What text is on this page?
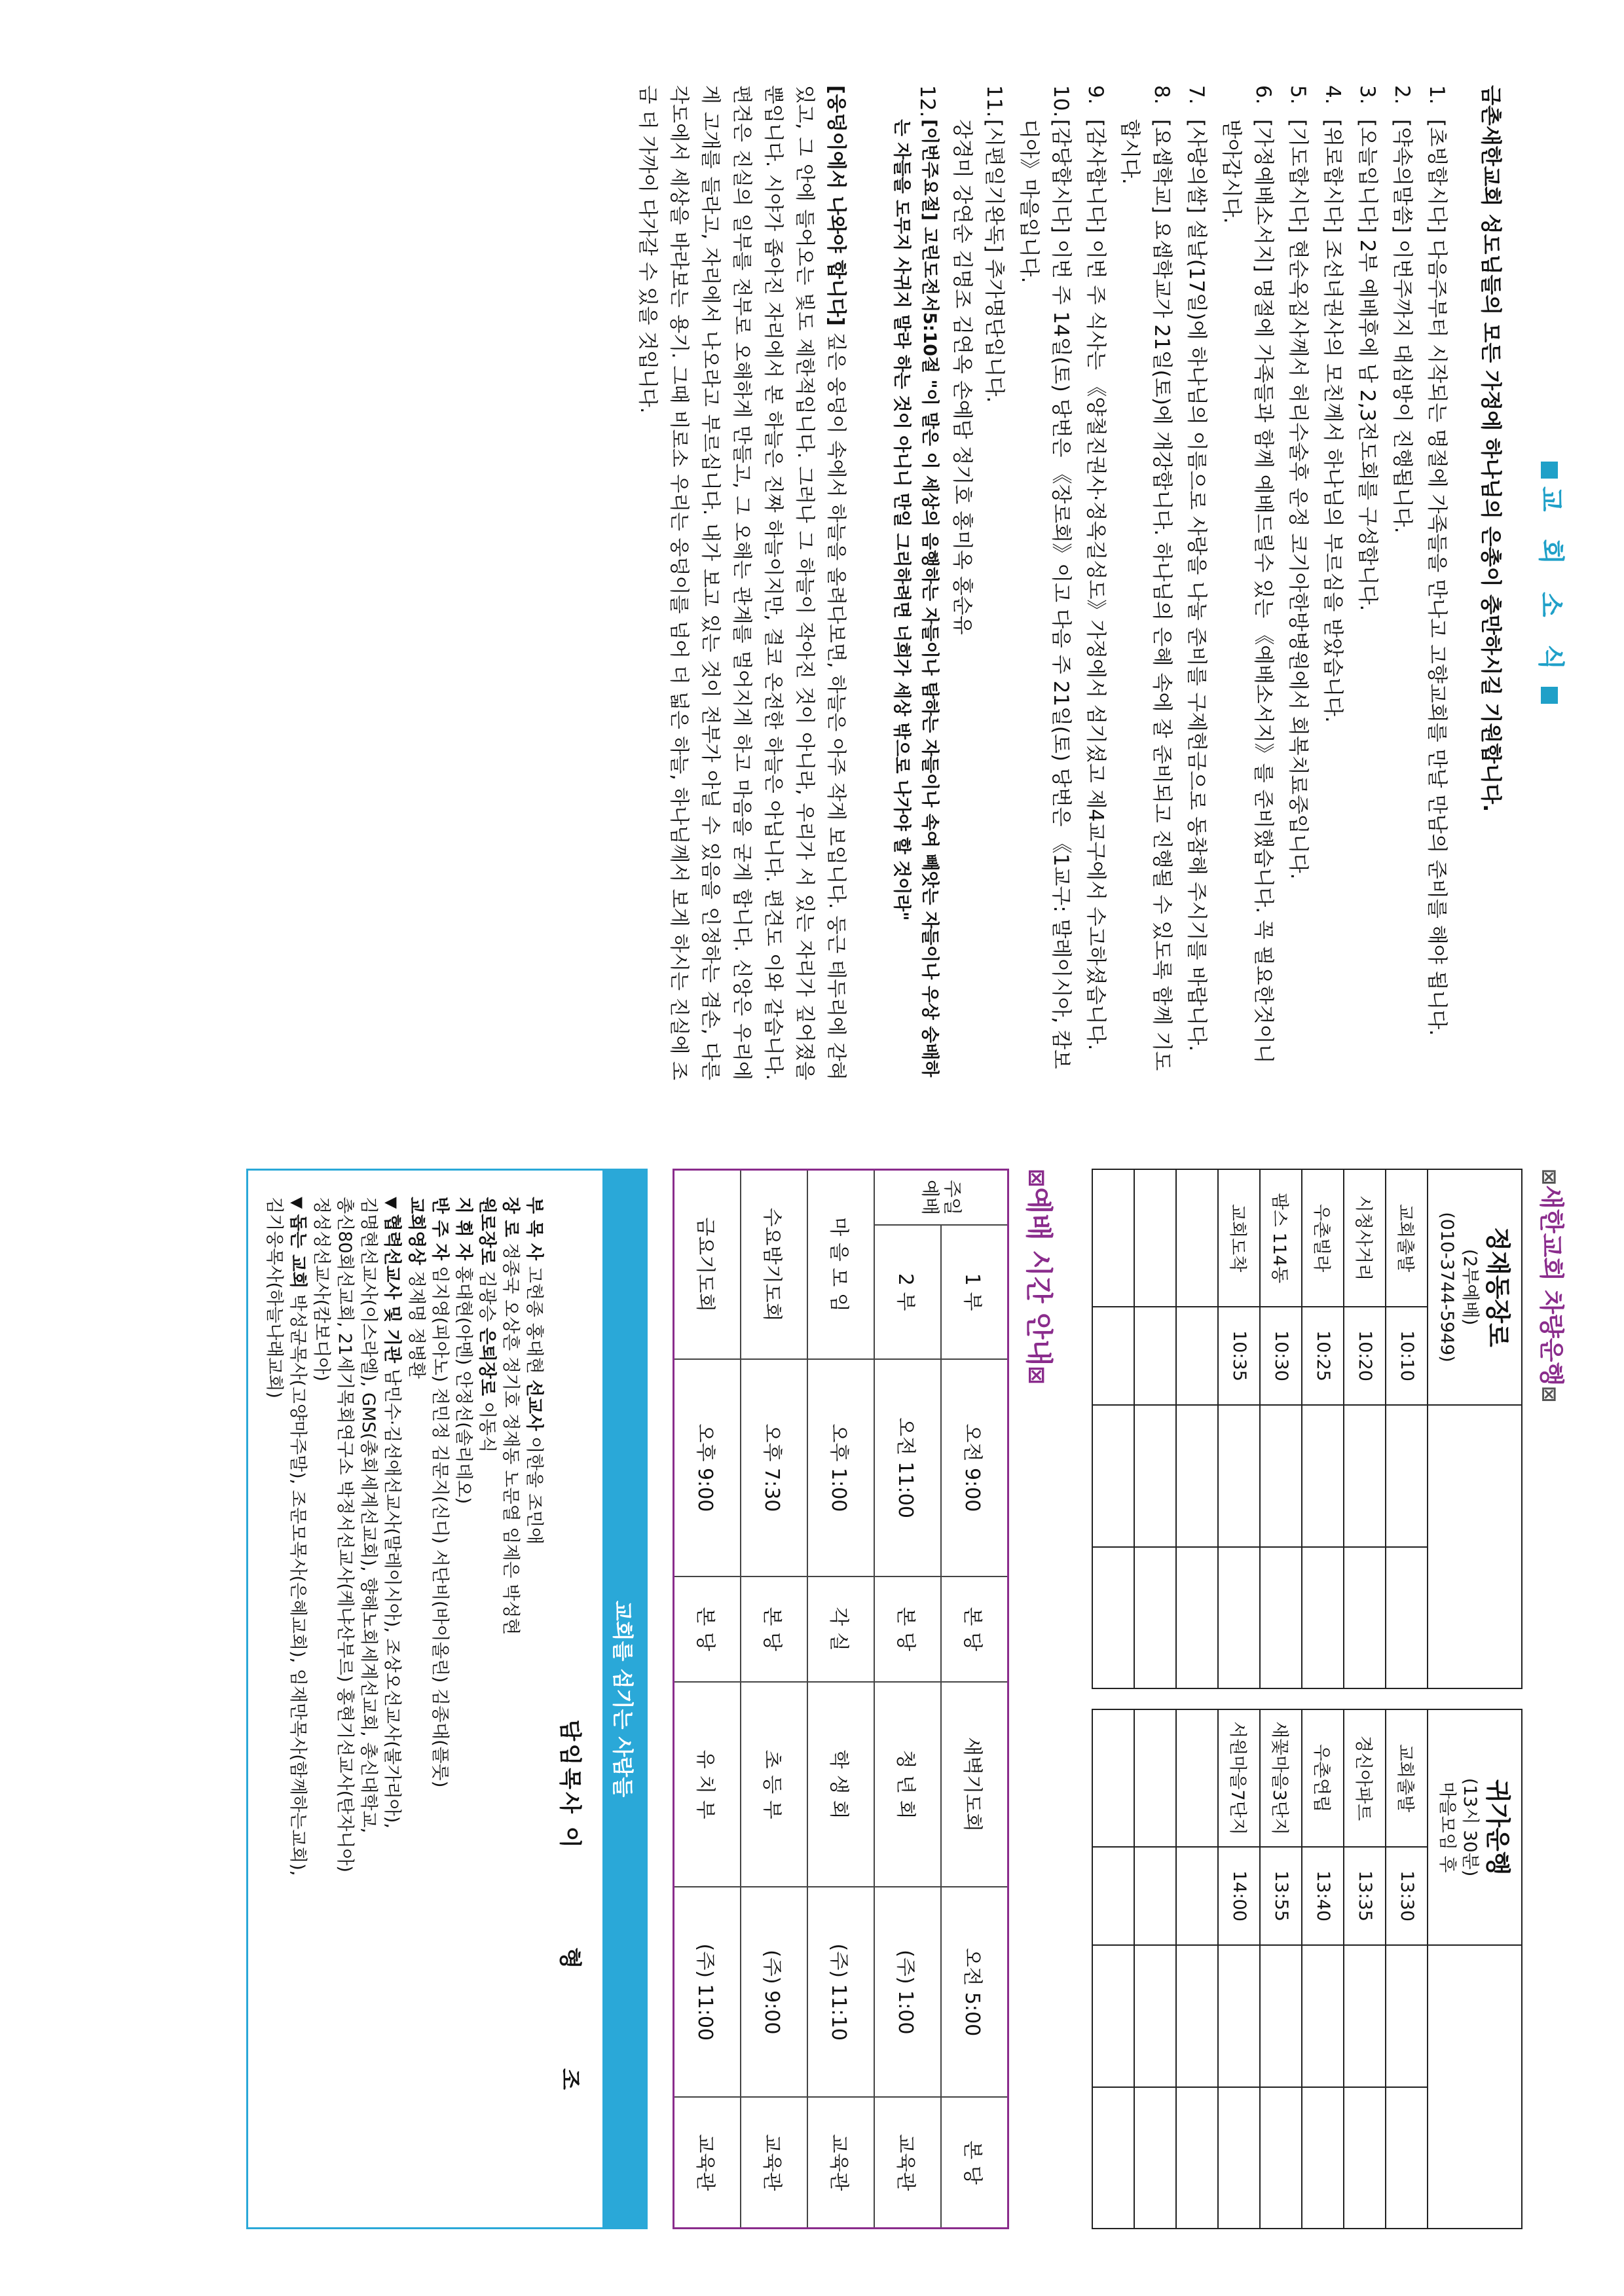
교 회 소 식
금촌새한교회 성도님들의 모든 가정에 하나님의 은총이 충만하시길 기원합니다.
1.
[초빙합시다] 다음주부터 시작되는 명절에 가족들을 만나고 고향교회를 만날 만남의 준비를 해야 됩니다.
2.
[약속의말씀] 이번주까지 대심방이 진행됩니다.
3.
[오늘입니다] 2부 예배후에 남 2,3전도회를 구성합니다.
4.
[위로합시다] 조선녀권사의 모친께서 하나님의 부르심을 받았습니다.
5.
[기도합시다] 현순옥집사께서 허리수술후 운정 코기아한방병원에서 회복치료중입니다.
6.
[가정예배소서지] 명절에 가족들과 함께 예배드릴수 있는 《예배소서지》를 준비했습니다. 꼭 필요한것이니 받아갑시다.
7.
[사랑의쌀] 설날(17일)에 하나님의 이름으로 사랑을 나눌 준비를 구제헌금으로 동참해 주시기를 바랍니다.
8.
[요셉학교] 요셉학교가 21일(토)에 개강합니다. 하나님의 은혜 속에 잘 준비되고 진행될 수 있도록 함께 기도합시다.
9.
[감사합니다] 이번 주 식사는 《양철진권사·정옥길성도》가정에서 섬기셨고 제4교구에서 수고하셨습니다.
10.
[감당합시다] 이번 주 14일(토) 당번은 《장로회》이고 다음 주 21일(토) 당번은 《1교구: 말레이시아, 캄보디아》마을입니다.
11.
[시편일기완독] 추가명단입니다.
강경미 강연순 김명조 김연옥 손예담 정기호 홍미옥 홍순유
12.
[이번주요절] 고린도전서5:10절 "이 말은 이 세상의 음행하는 자들이나 탐하는 자들이나 속여 빼앗는 자들이나 우상 숭배하는 자들을 도무지 사귀지 말라 하는 것이 아니니 만일 그리하려면 너희가 세상 밖으로 나가야 할 것이라"
[웅덩이에서 나와야 합니다] 깊은 웅덩이 속에서 하늘을 올려다보면, 하늘은 아주 작게 보입니다. 둥근 테두리에 갇혀 있고, 그 안에 들어오는 빛도 제한적입니다. 그러나 그 하늘이 작아진 것이 아니라, 우리가 서 있는 자리가 깊어졌을 뿐입니다. 시야가 좁아진 자리에서 본 하늘은 진짜 하늘이지만, 결코 온전한 하늘은 아닙니다. 편견도 이와 같습니다. 편견은 진실의 일부를 전부로 오해하게 만들고, 그 오해는 관계를 멀어지게 하고 마음을 굳게 합니다. 신앙은 우리에게 고개를 들라고, 자리에서 나오라고 부르십니다. 내가 보고 있는 것이 전부가 아닐 수 있음을 인정하는 겸손, 다른 각도에서 세상을 바라보는 용기. 그때 비로소 우리는 웅덩이를 넘어 더 넓은 하늘, 하나님께서 보게 하시는 진실에 조금 더 가까이 다가갈 수 있을 것입니다.
⊠새한교회 차량운행⊠
정재동장로
(2부예배)
(010-3744-5949)			

교회출발	10:10		
시청사거리	10:20		
우촌빌라	10:25		
팜스 114동	10:30		
교회도착	10:35		

귀가운행
(13시 30분)
마을모임 후			

교회출발	13:30		
경신아파트	13:35		
우촌연립	13:40		
새꽃마을3단지	13:55		
서원마을7단지	14:00		

⊠예배 시간 안내⊠
주일
예배	1 부	오전 9:00	본 당	새벽기도회	오전 5:00	본 당
	2 부	오전 11:00	본 당	청 년 회	(주) 1:00	교육관
마 을 모 임		오후 1:00	각 실	학 생 회	(주) 11:10	교육관
수요밤기도회		오후 7:30	본 당	초 등 부	(주) 9:00	교육관
금요기도회		오후 9:00	본 당	유 치 부	(주) 11:00	교육관
교회를 섬기는 사람들
담임목사 이 형 조

부 목 사 고헌종 홍대현 선교사 이한울 조민애

장 로 정종국 오상흔 정기호 정재동 노문열 임제은 박성현

원로장로 김광승 은퇴장로 이동식

지 휘 자 홍대현(아멘) 안정선(솔리데오)

반 주 자 임지영(피아노) 전민정 김문지(신디) 서단비(바이올린) 김종대(플룻)

교회영상 정재명 정병환

▼협력선교사 및 기관 남민수·김선애선교사(말레이시아), 조상오선교사(불가리아),

김명현선교사(이스라엘), GMS(총회세계선교회), 향해노회세계선교회, 총신대학교,

총신80회선교회, 21세기목회연구소 박정서선교사(케냐산부르) 홍현기선교사(탄자니아)

정성성선교사(캄보디아)

▼돕는 교회 박성균목사(고양마주말), 조문모목사(은혜교회), 임재만목사(함께하는교회),

김기웅목사(하늘나래교회)
